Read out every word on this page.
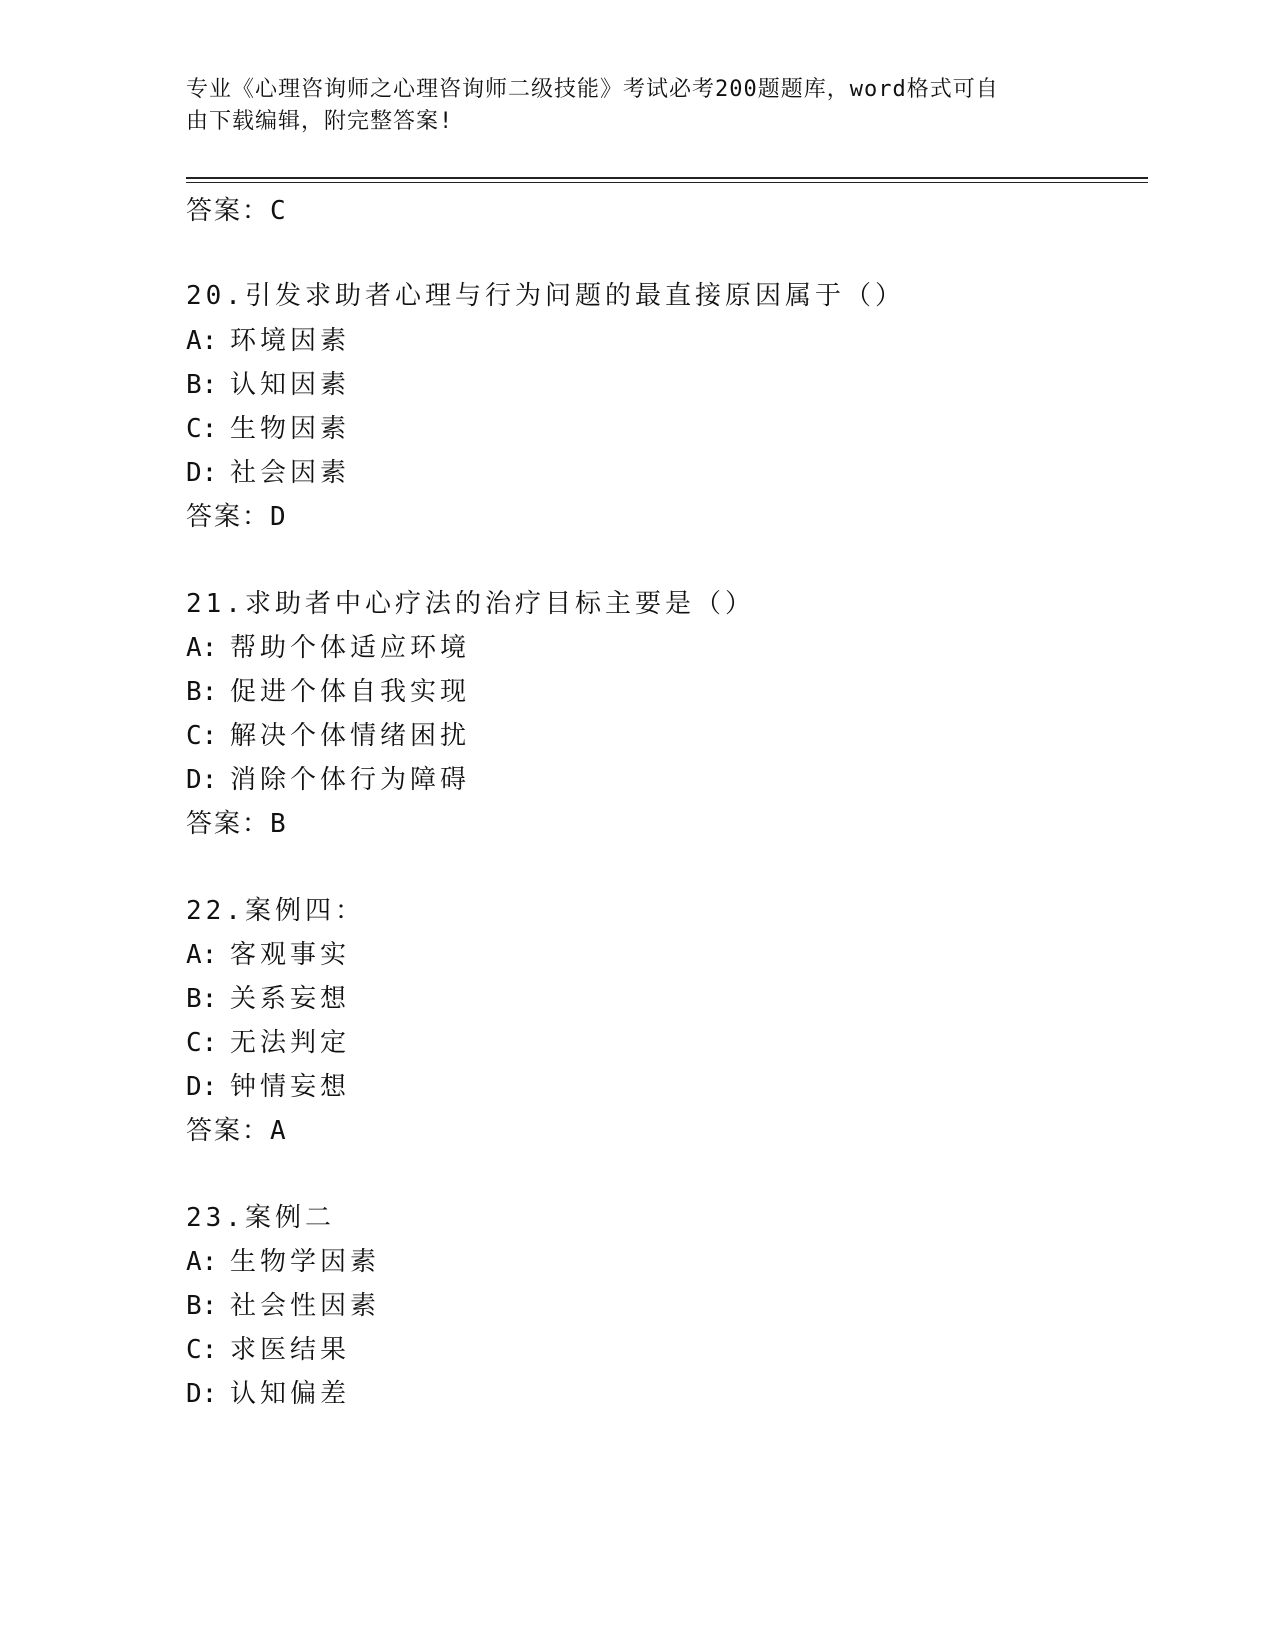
专业《心理咨询师之心理咨询师二级技能》考试必考200题题库，word格式可自
由下载编辑，附完整答案!
答案：C
20.引发求助者心理与行为问题的最直接原因属于（）
A: 环境因素
B: 认知因素
C: 生物因素
D: 社会因素
答案：D
21.求助者中心疗法的治疗目标主要是（）
A: 帮助个体适应环境
B: 促进个体自我实现
C: 解决个体情绪困扰
D: 消除个体行为障碍
答案：B
22.案例四：
A: 客观事实
B: 关系妄想
C: 无法判定
D: 钟情妄想
答案：A
23.案例二
A: 生物学因素
B: 社会性因素
C: 求医结果
D: 认知偏差
